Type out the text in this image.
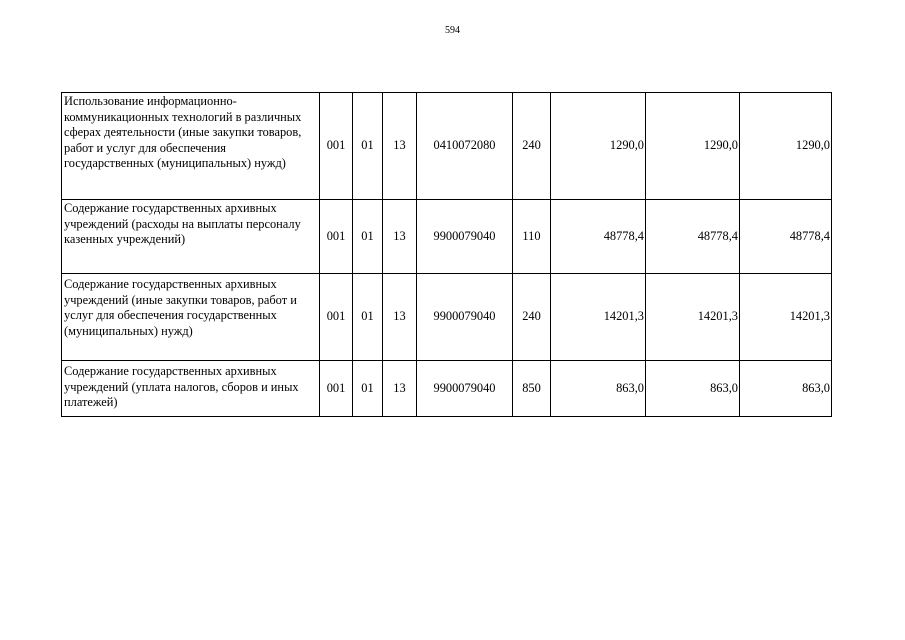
594
Использование информационно-коммуникационных технологий в различных сферах деятельности (иные закупки товаров, работ и услуг для обеспечения государственных (муниципальных) нужд)	001	01	13	0410072080	240	1290,0	1290,0	1290,0
Содержание государственных архивных учреждений (расходы на выплаты персоналу казенных учреждений)	001	01	13	9900079040	110	48778,4	48778,4	48778,4
Содержание государственных архивных учреждений (иные закупки товаров, работ и услуг для обеспечения государственных (муниципальных) нужд)	001	01	13	9900079040	240	14201,3	14201,3	14201,3
Содержание государственных архивных учреждений (уплата налогов, сборов и иных платежей)	001	01	13	9900079040	850	863,0	863,0	863,0
